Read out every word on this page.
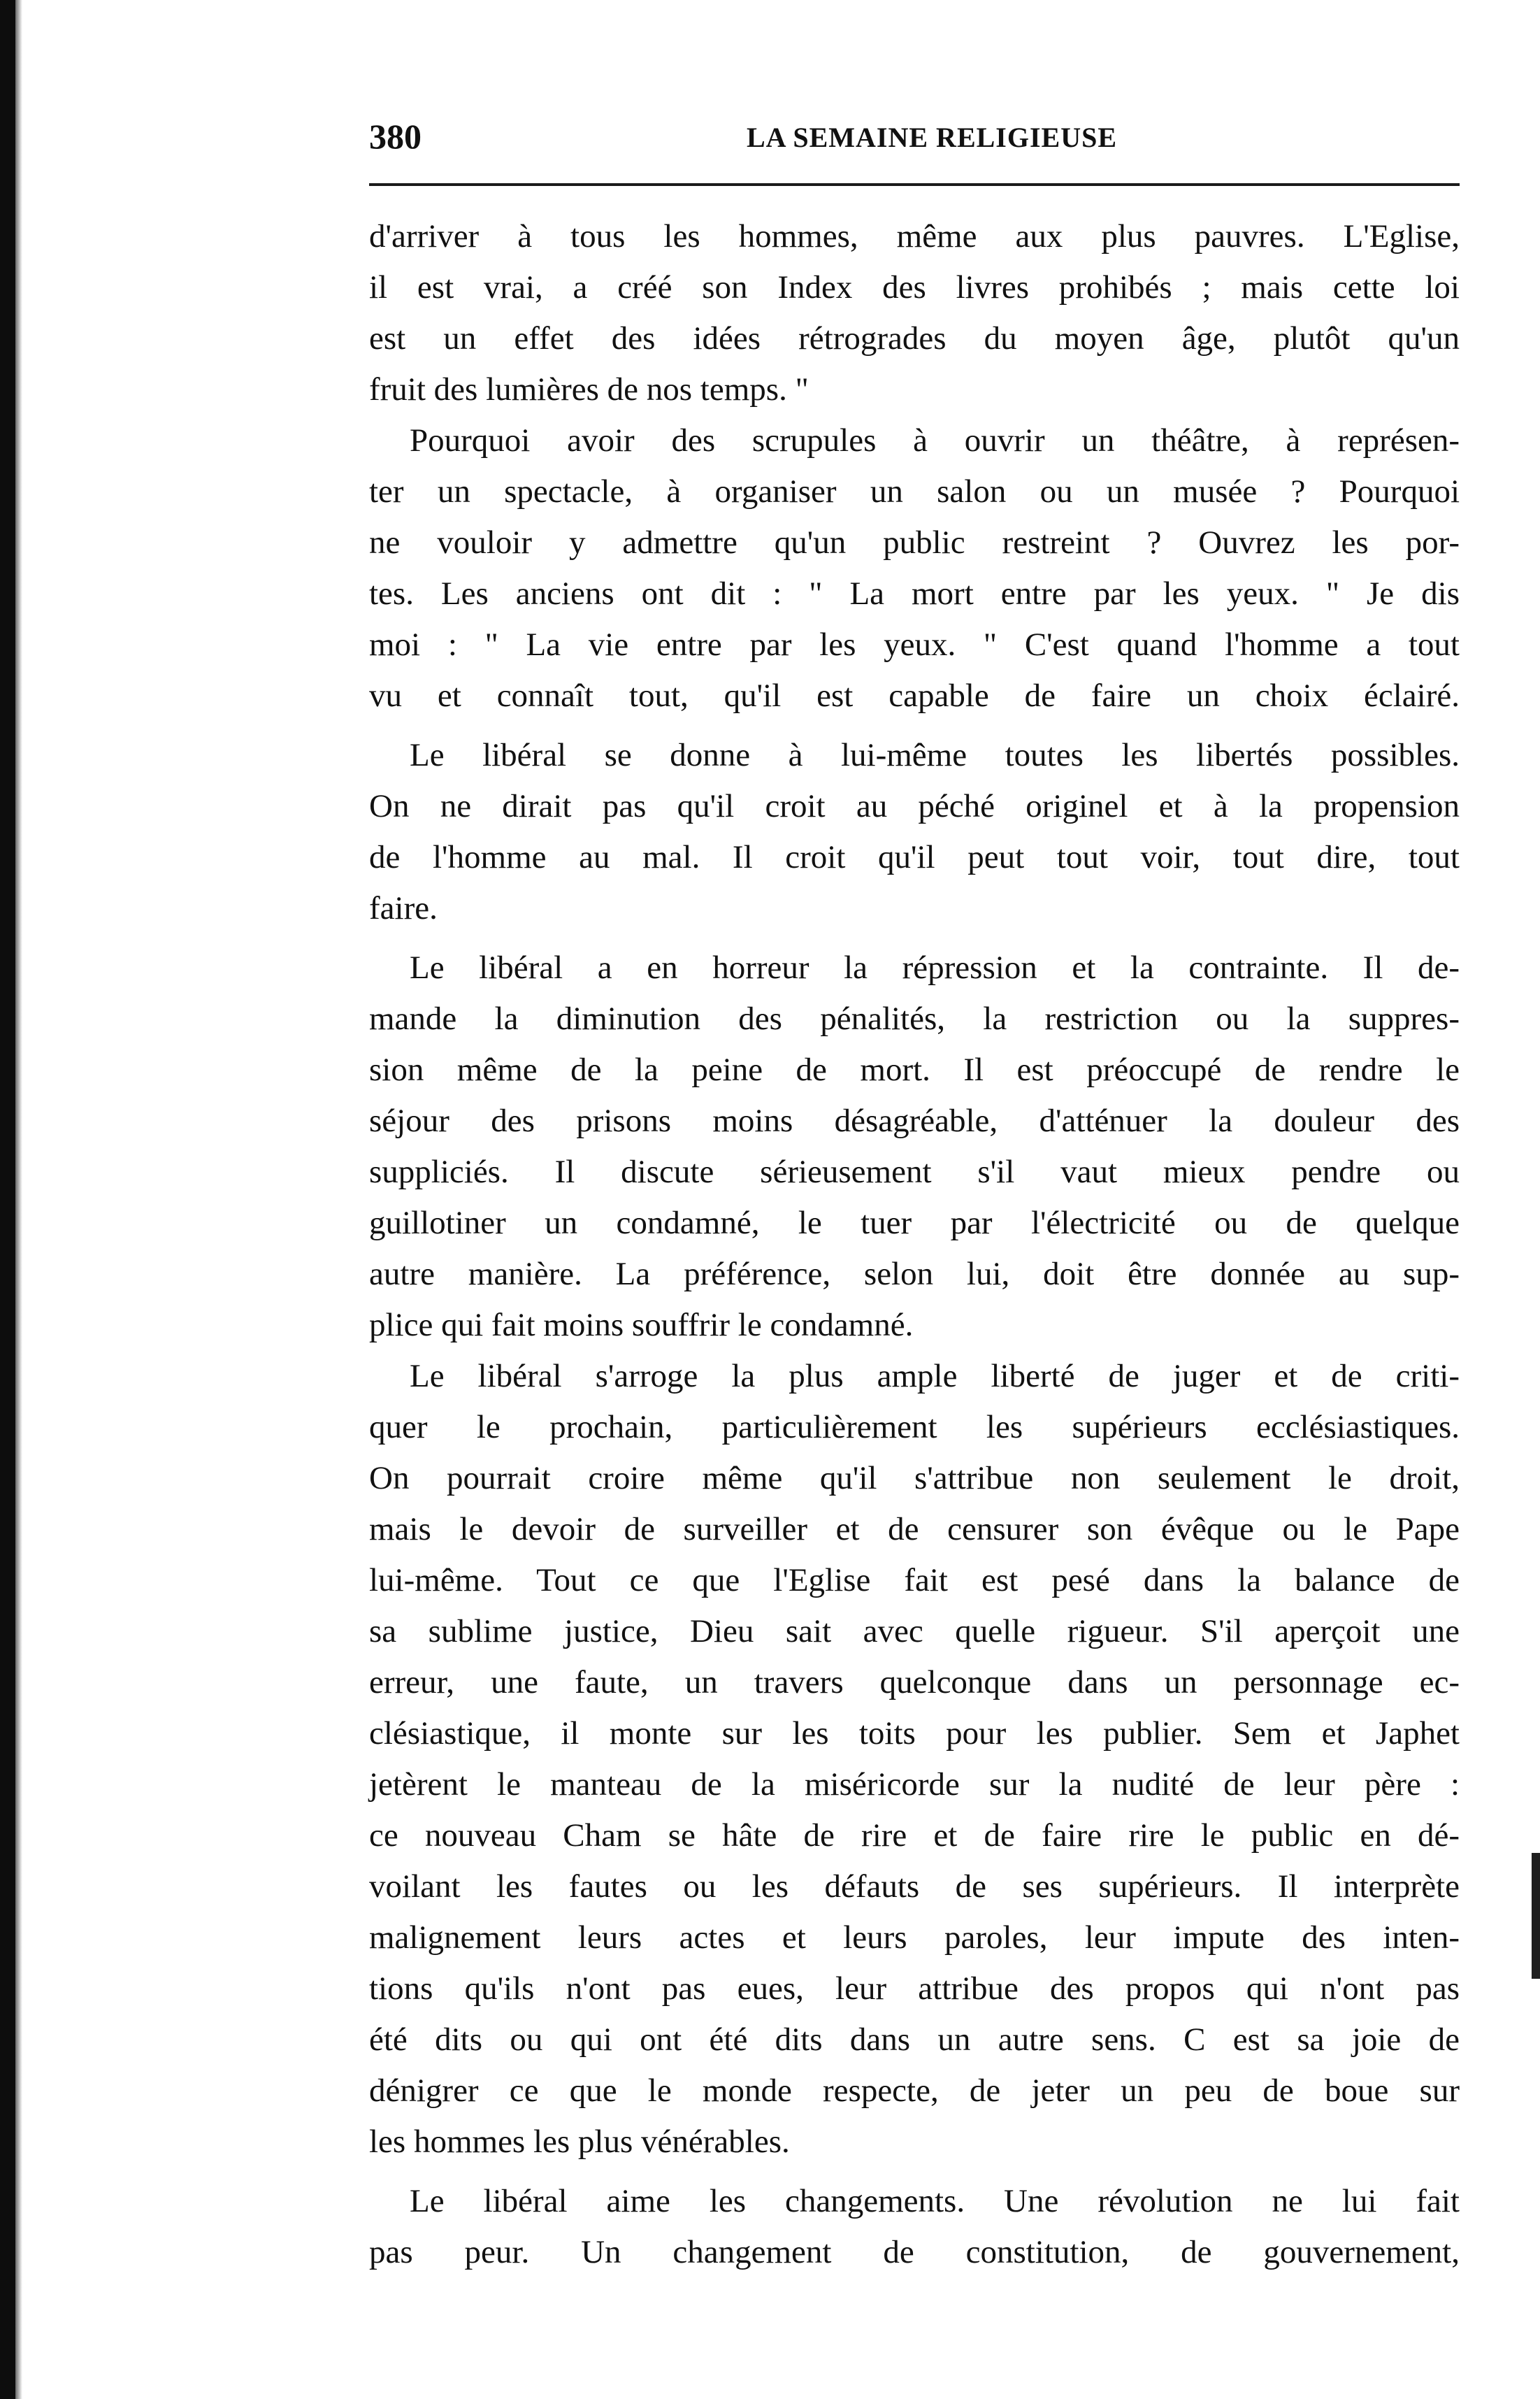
380	LA SEMAINE RELIGIEUSE
d'arriver à tous les hommes, même aux plus pauvres. L'Eglise,
il est vrai, a créé son Index des livres prohibés ; mais cette loi
est un effet des idées rétrogrades du moyen âge, plutôt qu'un
fruit des lumières de nos temps. "
Pourquoi avoir des scrupules à ouvrir un théâtre, à représen-
ter un spectacle, à organiser un salon ou un musée ? Pourquoi
ne vouloir y admettre qu'un public restreint ? Ouvrez les por-
tes. Les anciens ont dit : " La mort entre par les yeux. " Je dis
moi : " La vie entre par les yeux. " C'est quand l'homme a tout
vu et connaît tout, qu'il est capable de faire un choix éclairé.
Le libéral se donne à lui-même toutes les libertés possibles.
On ne dirait pas qu'il croit au péché originel et à la propension
de l'homme au mal. Il croit qu'il peut tout voir, tout dire, tout
faire.
Le libéral a en horreur la répression et la contrainte. Il de-
mande la diminution des pénalités, la restriction ou la suppres-
sion même de la peine de mort. Il est préoccupé de rendre le
séjour des prisons moins désagréable, d'atténuer la douleur des
suppliciés. Il discute sérieusement s'il vaut mieux pendre ou
guillotiner un condamné, le tuer par l'électricité ou de quelque
autre manière. La préférence, selon lui, doit être donnée au sup-
plice qui fait moins souffrir le condamné.
Le libéral s'arroge la plus ample liberté de juger et de criti-
quer le prochain, particulièrement les supérieurs ecclésiastiques.
On pourrait croire même qu'il s'attribue non seulement le droit,
mais le devoir de surveiller et de censurer son évêque ou le Pape
lui-même. Tout ce que l'Eglise fait est pesé dans la balance de
sa sublime justice, Dieu sait avec quelle rigueur. S'il aperçoit une
erreur, une faute, un travers quelconque dans un personnage ec-
clésiastique, il monte sur les toits pour les publier. Sem et Japhet
jetèrent le manteau de la miséricorde sur la nudité de leur père :
ce nouveau Cham se hâte de rire et de faire rire le public en dé-
voilant les fautes ou les défauts de ses supérieurs. Il interprète
malignement leurs actes et leurs paroles, leur impute des inten-
tions qu'ils n'ont pas eues, leur attribue des propos qui n'ont pas
été dits ou qui ont été dits dans un autre sens. C est sa joie de
dénigrer ce que le monde respecte, de jeter un peu de boue sur
les hommes les plus vénérables.
Le libéral aime les changements. Une révolution ne lui fait
pas peur. Un changement de constitution, de gouvernement,
